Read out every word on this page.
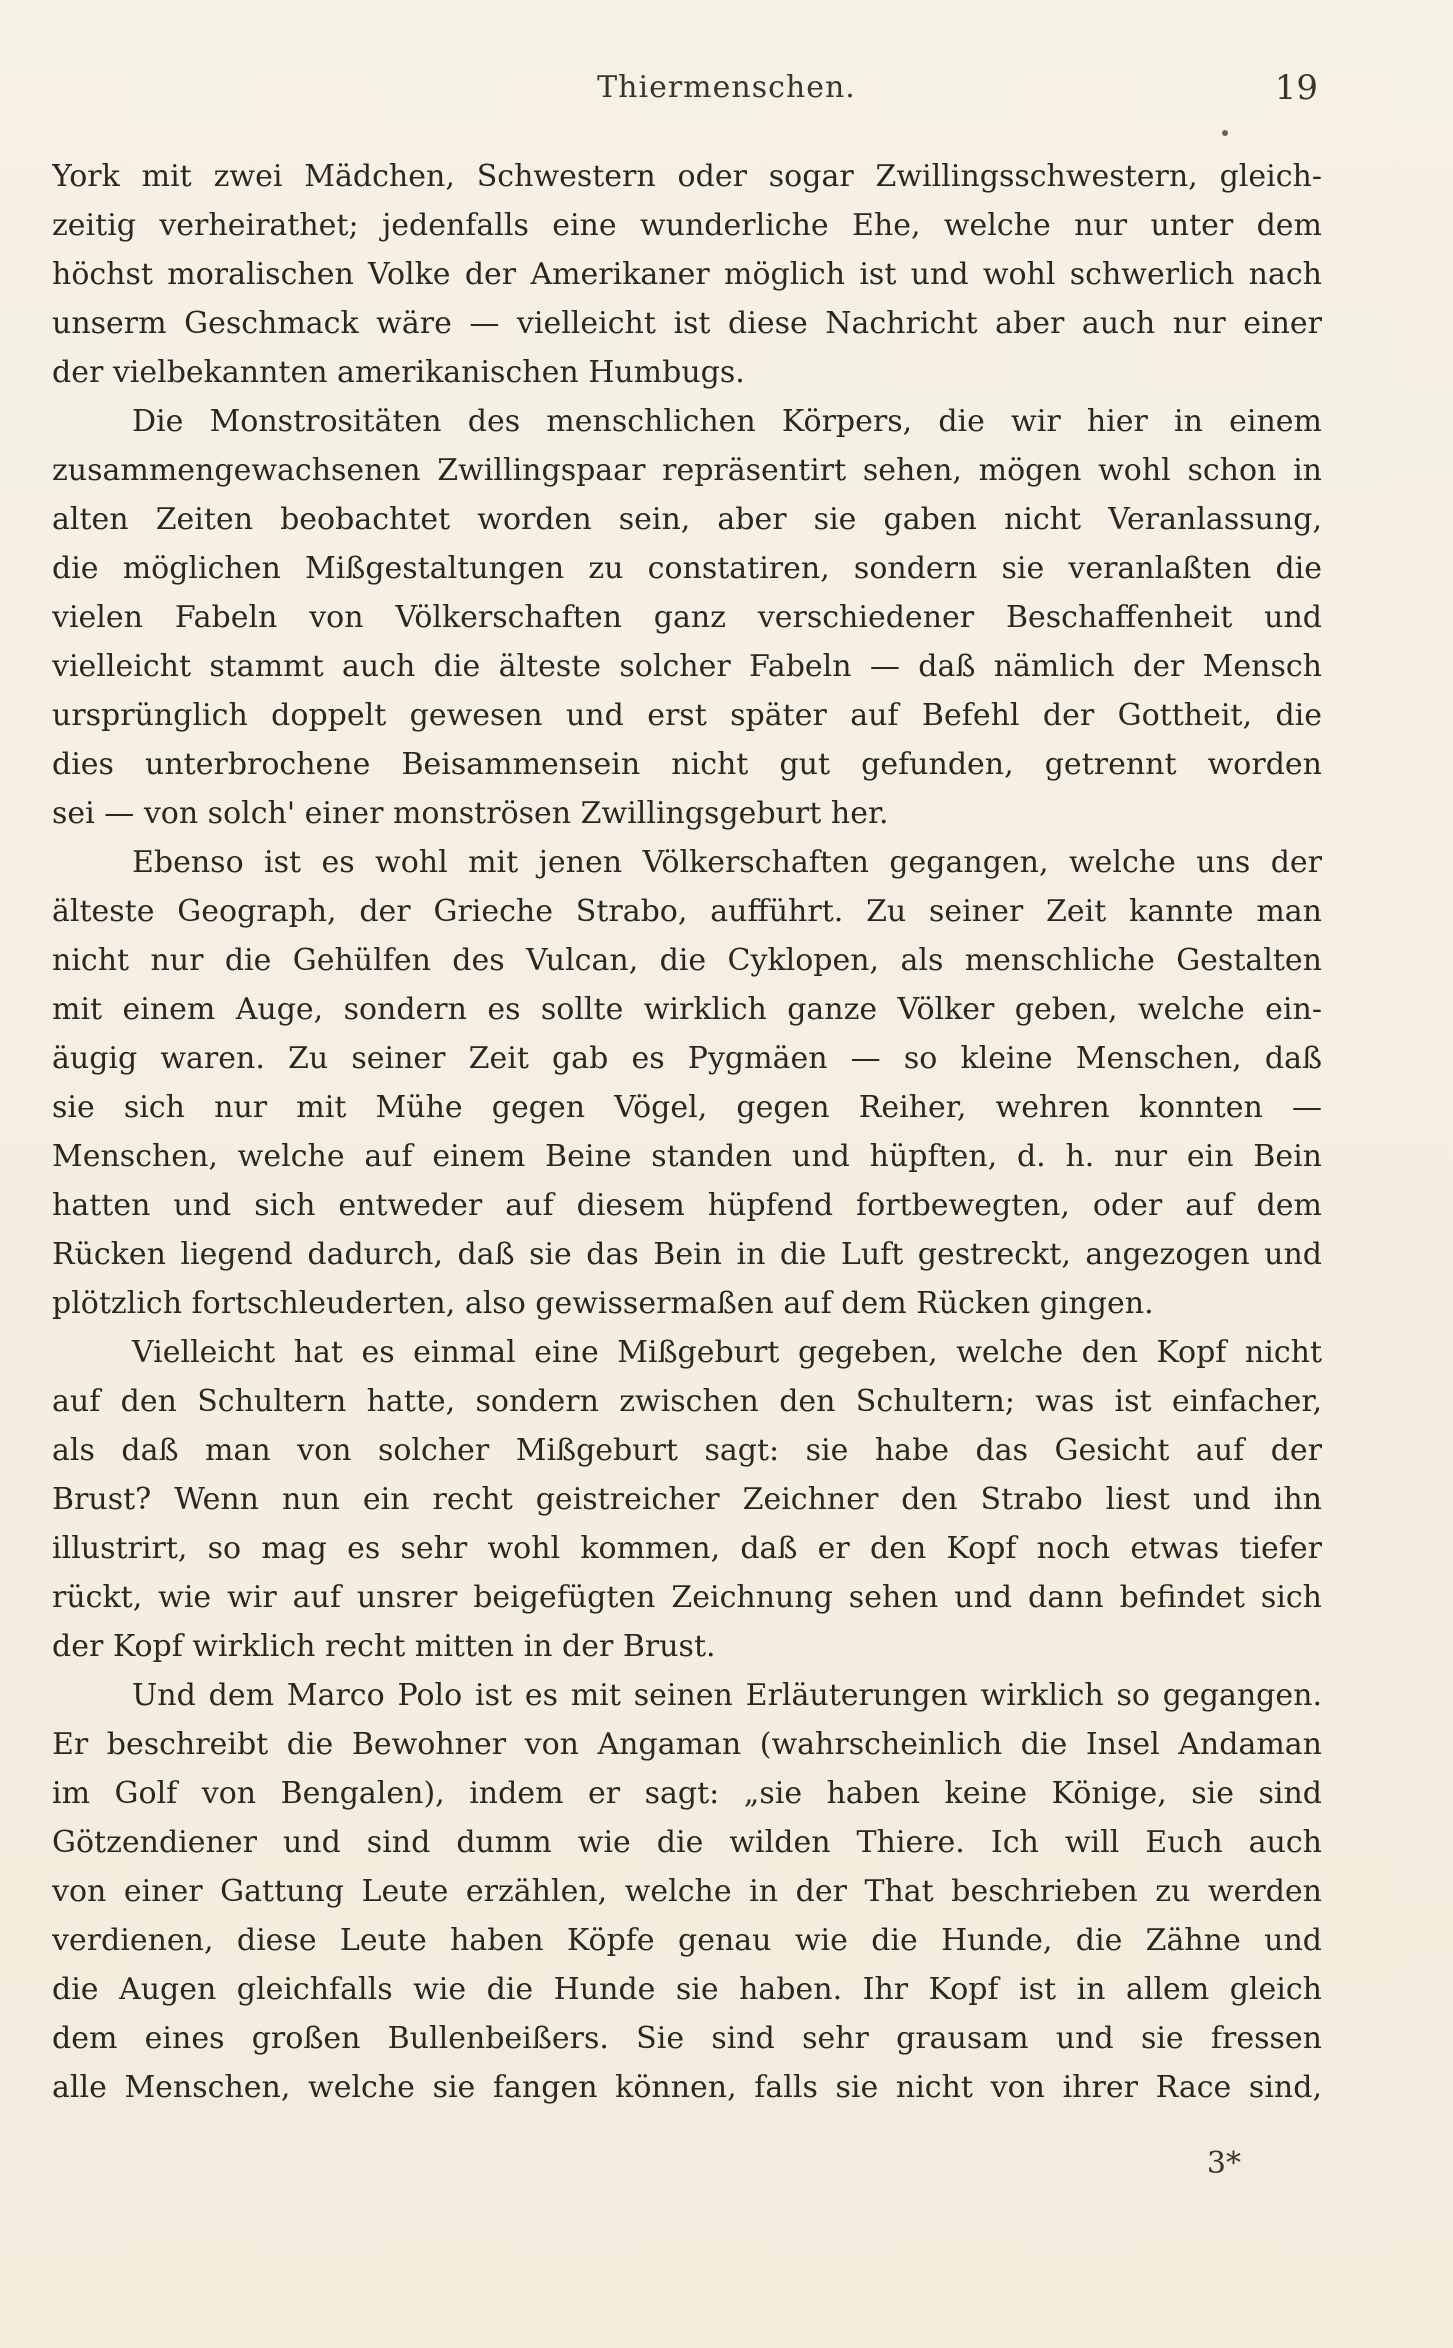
Thiermenschen.	19
York mit zwei Mädchen, Schwestern oder sogar Zwillingsschwestern, gleich-
zeitig verheirathet; jedenfalls eine wunderliche Ehe, welche nur unter dem
höchst moralischen Volke der Amerikaner möglich ist und wohl schwerlich nach
unserm Geschmack wäre — vielleicht ist diese Nachricht aber auch nur einer
der vielbekannten amerikanischen Humbugs.
Die Monstrositäten des menschlichen Körpers, die wir hier in einem
zusammengewachsenen Zwillingspaar repräsentirt sehen, mögen wohl schon in
alten Zeiten beobachtet worden sein, aber sie gaben nicht Veranlassung,
die möglichen Mißgestaltungen zu constatiren, sondern sie veranlaßten die
vielen Fabeln von Völkerschaften ganz verschiedener Beschaffenheit und
vielleicht stammt auch die älteste solcher Fabeln — daß nämlich der Mensch
ursprünglich doppelt gewesen und erst später auf Befehl der Gottheit, die
dies unterbrochene Beisammensein nicht gut gefunden, getrennt worden
sei — von solch' einer monströsen Zwillingsgeburt her.
Ebenso ist es wohl mit jenen Völkerschaften gegangen, welche uns der
älteste Geograph, der Grieche Strabo, aufführt. Zu seiner Zeit kannte man
nicht nur die Gehülfen des Vulcan, die Cyklopen, als menschliche Gestalten
mit einem Auge, sondern es sollte wirklich ganze Völker geben, welche ein-
äugig waren. Zu seiner Zeit gab es Pygmäen — so kleine Menschen, daß
sie sich nur mit Mühe gegen Vögel, gegen Reiher, wehren konnten —
Menschen, welche auf einem Beine standen und hüpften, d. h. nur ein Bein
hatten und sich entweder auf diesem hüpfend fortbewegten, oder auf dem
Rücken liegend dadurch, daß sie das Bein in die Luft gestreckt, angezogen und
plötzlich fortschleuderten, also gewissermaßen auf dem Rücken gingen.
Vielleicht hat es einmal eine Mißgeburt gegeben, welche den Kopf nicht
auf den Schultern hatte, sondern zwischen den Schultern; was ist einfacher,
als daß man von solcher Mißgeburt sagt: sie habe das Gesicht auf der
Brust? Wenn nun ein recht geistreicher Zeichner den Strabo liest und ihn
illustrirt, so mag es sehr wohl kommen, daß er den Kopf noch etwas tiefer
rückt, wie wir auf unsrer beigefügten Zeichnung sehen und dann befindet sich
der Kopf wirklich recht mitten in der Brust.
Und dem Marco Polo ist es mit seinen Erläuterungen wirklich so gegangen.
Er beschreibt die Bewohner von Angaman (wahrscheinlich die Insel Andaman
im Golf von Bengalen), indem er sagt: „sie haben keine Könige, sie sind
Götzendiener und sind dumm wie die wilden Thiere. Ich will Euch auch
von einer Gattung Leute erzählen, welche in der That beschrieben zu werden
verdienen, diese Leute haben Köpfe genau wie die Hunde, die Zähne und
die Augen gleichfalls wie die Hunde sie haben. Ihr Kopf ist in allem gleich
dem eines großen Bullenbeißers. Sie sind sehr grausam und sie fressen
alle Menschen, welche sie fangen können, falls sie nicht von ihrer Race sind,
3*
